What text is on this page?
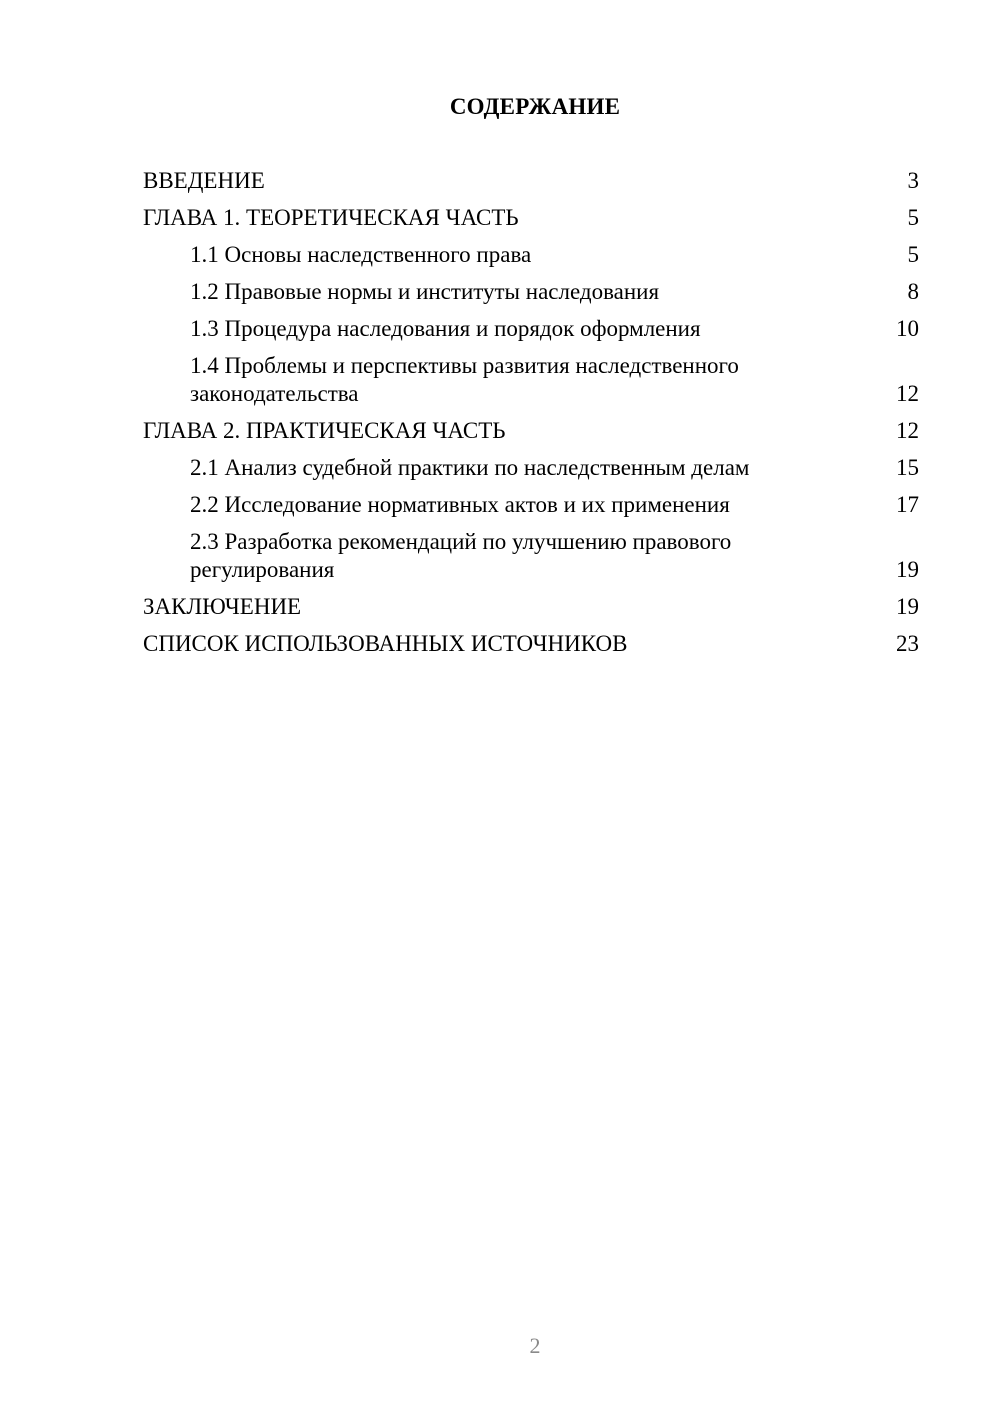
СОДЕРЖАНИЕ
ВВЕДЕНИЕ	3
ГЛАВА 1. ТЕОРЕТИЧЕСКАЯ ЧАСТЬ	5
1.1 Основы наследственного права	5
1.2 Правовые нормы и институты наследования	8
1.3 Процедура наследования и порядок оформления	10
1.4 Проблемы и перспективы развития наследственного законодательства	12
ГЛАВА 2. ПРАКТИЧЕСКАЯ ЧАСТЬ	12
2.1 Анализ судебной практики по наследственным делам	15
2.2 Исследование нормативных актов и их применения	17
2.3 Разработка рекомендаций по улучшению правового регулирования	19
ЗАКЛЮЧЕНИЕ	19
СПИСОК ИСПОЛЬЗОВАННЫХ ИСТОЧНИКОВ	23
2
